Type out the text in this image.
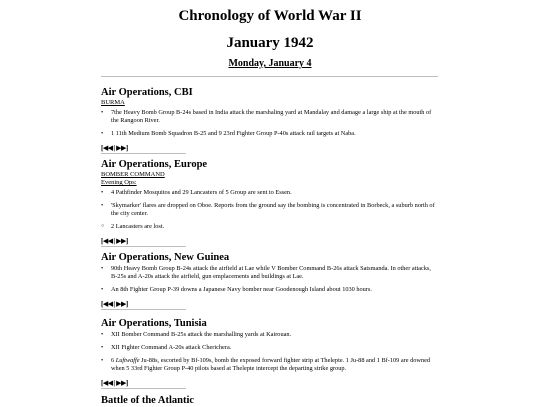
Chronology of World War II
January 1942
Monday, January 4
Air Operations, CBI
BURMA
• 7the Heavy Bomb Group B-24s based in India attack the marshaling yard at Mandalay and damage a large ship at the mouth of the Rangoon River.
• 1 11th Medium Bomb Squadron B-25 and 9 23rd Fighter Group P-40s attack rail targets at Naba.
[◀◀ | ▶▶]
Air Operations, Europe
BOMBER COMMAND
Evening Ops:
• 4 Pathfinder Mosquitos and 29 Lancasters of 5 Group are sent to Essen.
• 'Skymarker' flares are dropped on Oboe. Reports from the ground say the bombing is concentrated in Borbeck, a suburb north of the city center.
○ 2 Lancasters are lost.
[◀◀ | ▶▶]
Air Operations, New Guinea
• 90th Heavy Bomb Group B-24s attack the airfield at Lae while V Bomber Command B-26s attack Satsmanda. In other attacks, B-25s and A-20s attack the airfield, gun emplacements and buildings at Lae.
• An 8th Fighter Group P-39 downs a Japanese Navy bomber near Goodenough Island about 1030 hours.
[◀◀ | ▶▶]
Air Operations, Tunisia
• XII Bomber Command B-25s attack the marshalling yards at Kairouan.
• XII Fighter Command A-20s attack Cherichera.
• 6 Luftwaffe Ju-88s, escorted by Bf-109s, bomb the exposed forward fighter strip at Thelepte. 1 Ju-88 and 1 Bf-109 are downed when 5 33rd Fighter Group P-40 pilots based at Thelepte intercept the departing strike group.
[◀◀ | ▶▶]
Battle of the Atlantic
